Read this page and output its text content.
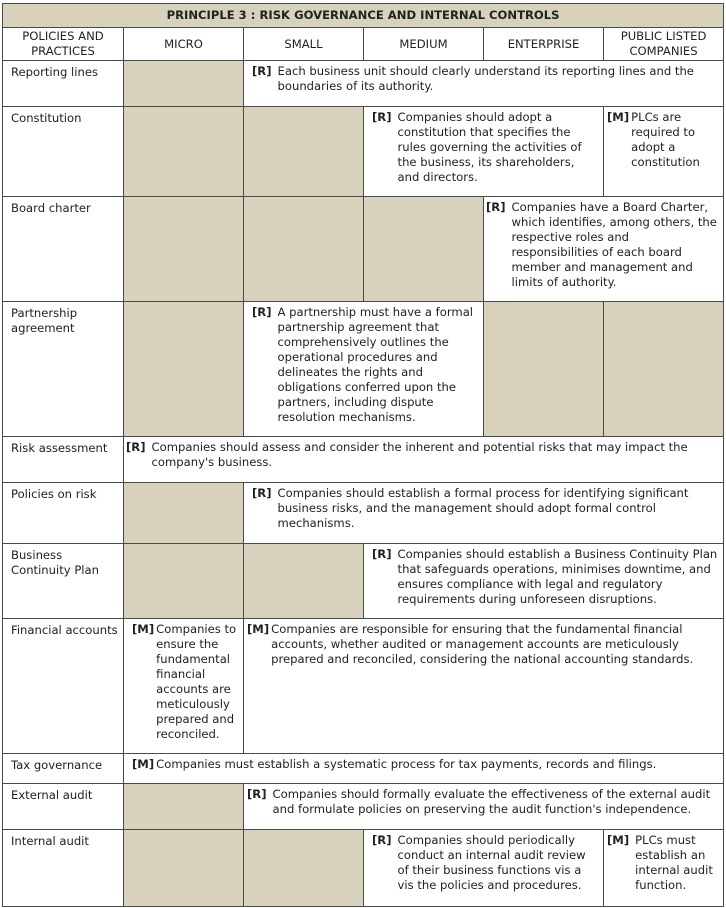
PRINCIPLE 3 : RISK GOVERNANCE AND INTERNAL CONTROLS					
POLICIES AND PRACTICES	MICRO	SMALL	MEDIUM	ENTERPRISE	PUBLIC LISTED COMPANIES
Reporting lines		[R] Each business unit should clearly understand its reporting lines and the boundaries of its authority.			

Constitution			[R] Companies should adopt a constitution that specifies the rules governing the activities of the business, its shareholders, and directors.		[M] PLCs are required to adopt a constitution

Board charter				[R] Companies have a Board Charter, which identifies, among others, the respective roles and responsibilities of each board member and management and limits of authority.	

Partnership agreement		[R] A partnership must have a formal partnership agreement that comprehensively outlines the operational procedures and delineates the rights and obligations conferred upon the partners, including dispute resolution mechanisms.			

Risk assessment	[R] Companies should assess and consider the inherent and potential risks that may impact the company's business.				

Policies on risk		[R] Companies should establish a formal process for identifying significant business risks, and the management should adopt formal control mechanisms.			

Business Continuity Plan			[R] Companies should establish a Business Continuity Plan that safeguards operations, minimises downtime, and ensures compliance with legal and regulatory requirements during unforeseen disruptions.		

Financial accounts	[M] Companies to ensure the fundamental financial accounts are meticulously prepared and reconciled.	[M] Companies are responsible for ensuring that the fundamental financial accounts, whether audited or management accounts are meticulously prepared and reconciled, considering the national accounting standards.			

Tax governance	[M] Companies must establish a systematic process for tax payments, records and filings.				

External audit		[R] Companies should formally evaluate the effectiveness of the external audit and formulate policies on preserving the audit function's independence.			

Internal audit			[R] Companies should periodically conduct an internal audit review of their business functions vis a vis the policies and procedures.		[M] PLCs must establish an internal audit function.
